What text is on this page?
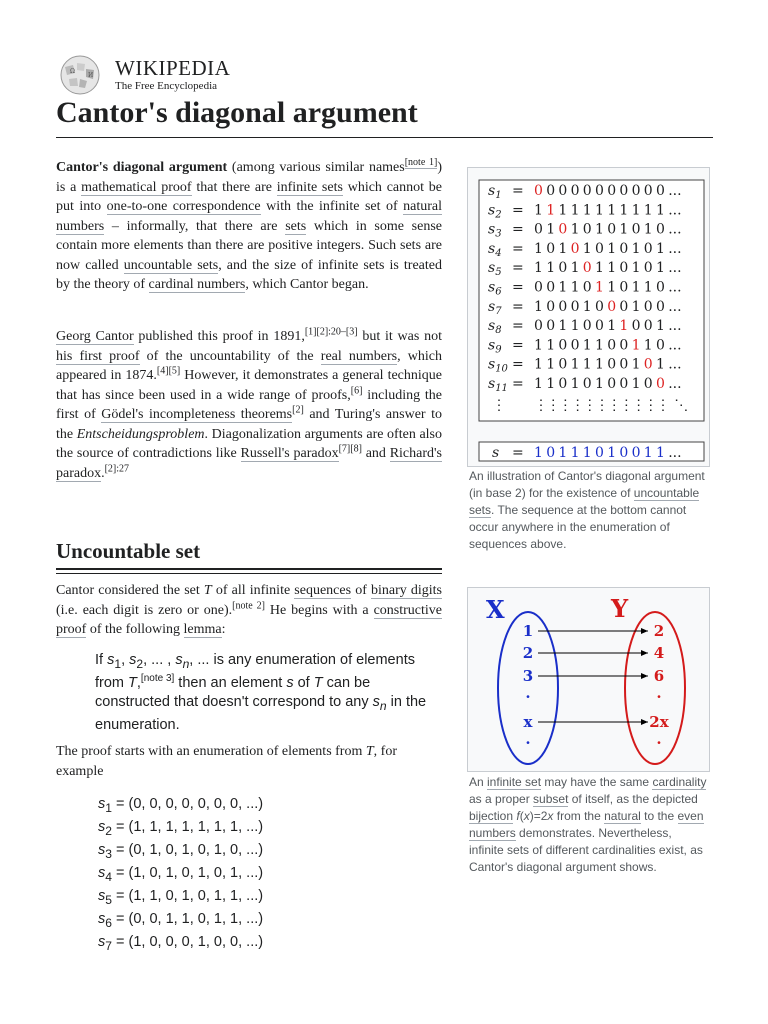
Ω
И WIKIPEDIA
The Free Encyclopedia
Cantor's diagonal argument

Cantor's diagonal argument (among various similar names[note 1]) is a mathematical proof that there are infinite sets which cannot be put into one-to-one correspondence with the infinite set of natural numbers – informally, that there are sets which in some sense contain more elements than there are positive integers. Such sets are now called uncountable sets, and the size of infinite sets is treated by the theory of cardinal numbers, which Cantor began.

Georg Cantor published this proof in 1891,[1][2]:20–[3] but it was not his first proof of the uncountability of the real numbers, which appeared in 1874.[4][5] However, it demonstrates a general technique that has since been used in a wide range of proofs,[6] including the first of Gödel's incompleteness theorems[2] and Turing's answer to the Entscheidungsproblem. Diagonalization arguments are often also the source of contradictions like Russell's paradox[7][8] and Richard's paradox.$^{[2]:27}$

Uncountable set

Cantor considered the set T of all infinite sequences of binary digits (i.e. each digit is zero or one).[note 2] He begins with a constructive proof of the following lemma:

If $s_1$, $s_2$, ... , $s_n$, ... is any enumeration of elements from T,[note 3] then an element s of T can be constructed that doesn't correspond to any $s_n$ in the enumeration.

The proof starts with an enumeration of elements from T, for example

$s_1 = (0$, 0, 0, 0, 0, 0, 0, ...)
$s_2 = (1$, 1, 1, 1, 1, 1, 1, ...)
$s_3 = (0$, 1, 0, 1, 0, 1, 0, ...)
$s_4 = (1$, 0, 1, 0, 1, 0, 1, ...)
$s_5 = (1$, 1, 0, 1, 0, 1, 1, ...)
$s_6 = (0$, 0, 1, 1, 0, 1, 1, ...)
$s_7 = (1$, 0, 0, 0, 1, 0, 0, ...)
$s_1 = 0$ 0 0 0 0 0 0 0 0 0 0 ...
$s_2 = 1$ 1 1 1 1 1 1 1 1 1 1 ...
$s_3 = 0$ 1 0 1 0 1 0 1 0 1 0 ...
$s_4 = 1$ 0 1 0 1 0 1 0 1 0 1 ...
$s_5 = 1$ 1 0 1 0 1 1 0 1 0 1 ...
$s_6 = 0$ 0 1 1 0 1 1 0 1 1 0 ...
$s_7 = 1$ 0 0 0 1 0 0 0 1 0 0 ...
$s_8 = 0$ 0 1 1 0 0 1 1 0 0 1 ...
$s_9 = 1$ 1 0 0 1 1 0 0 1 1 0 ...
$s_{10} = 1$ 1 0 1 1 1 0 0 1 0 1 ...
$s_{11} = 1$ 1 0 1 0 1 0 0 1 0 0 ...
⋮ ⋮
⋮
⋮
⋮
⋮
⋮
⋮
⋮
⋮
⋮
⋮ ⋱
s = 1 0 1 1 1 0 1 0 0 1 1 ...
An illustration of Cantor's diagonal argument (in base 2) for the existence of uncountable sets. The sequence at the bottom cannot occur anywhere in the enumeration of sequences above.
X	Y
1
2
3
·
x
·
2
4
6
·
2x
·
An infinite set may have the same cardinality as a proper subset of itself, as the depicted bijection f(x)=2x from the natural to the even numbers demonstrates. Nevertheless, infinite sets of different cardinalities exist, as Cantor's diagonal argument shows.
